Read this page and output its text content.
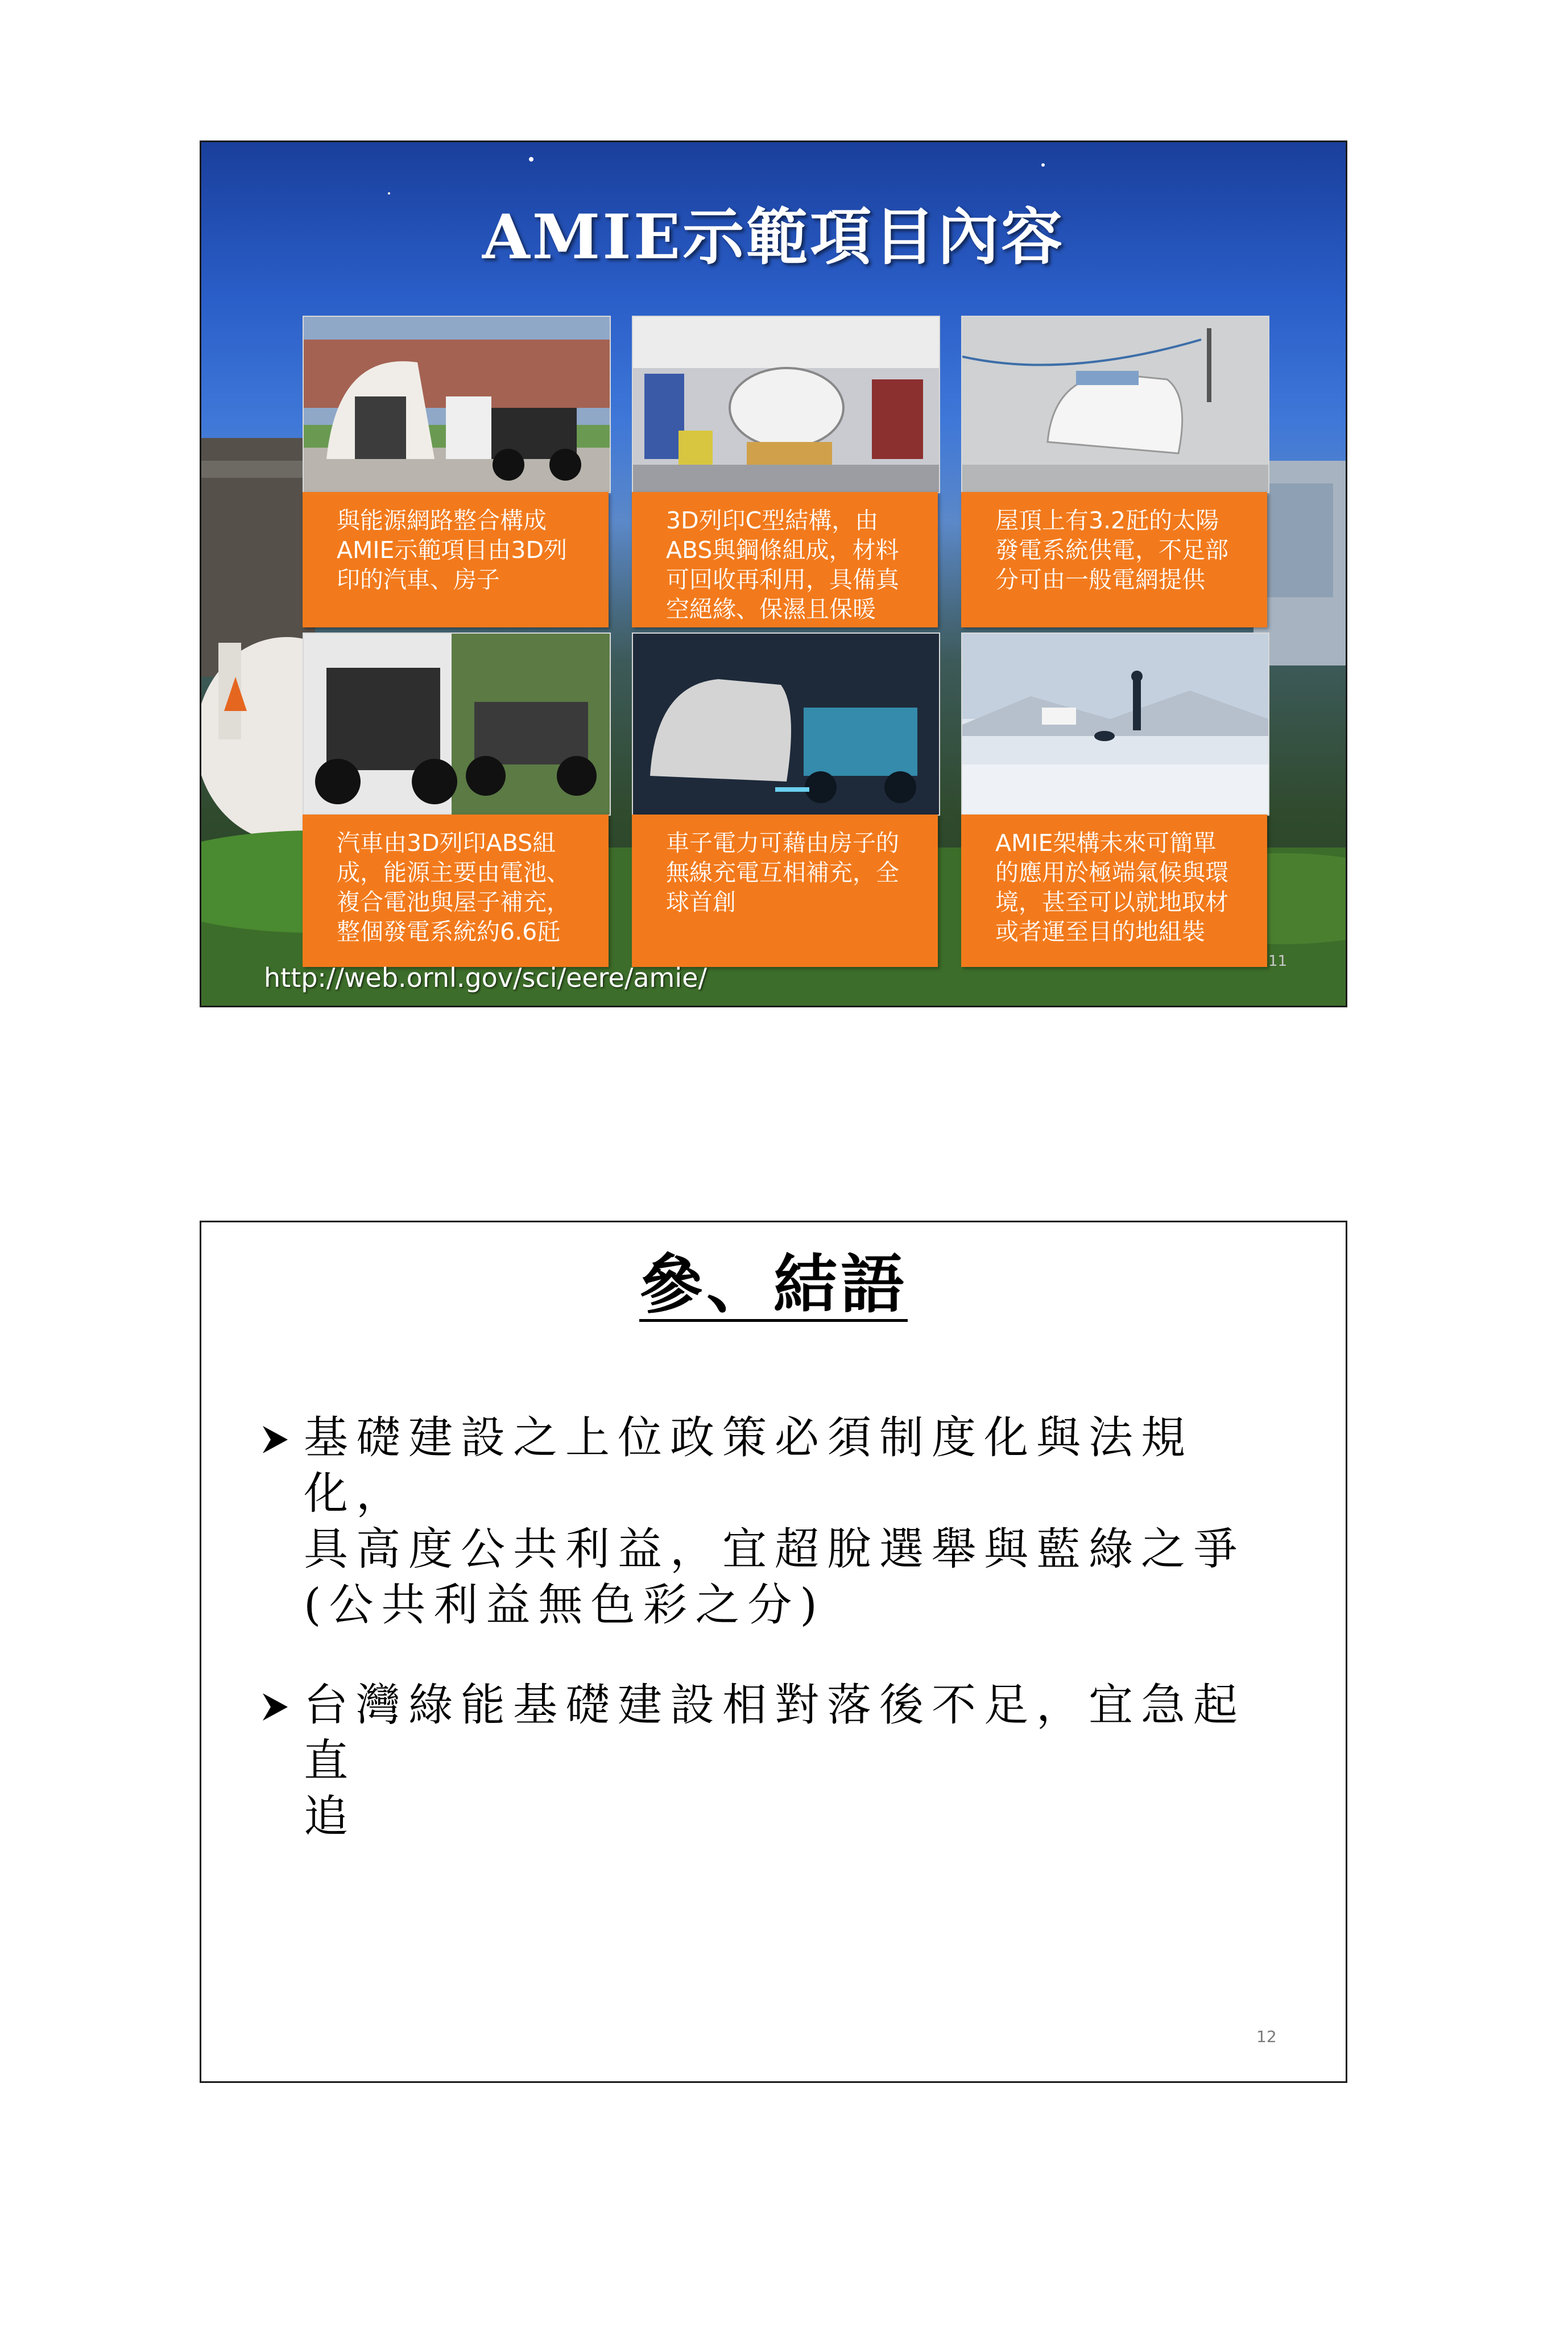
AMIE示範項目內容
與能源網路整合構成
AMIE示範項目由3D列
印的汽車、房子
3D列印C型結構，由
ABS與鋼條組成，材料
可回收再利用，具備真
空絕緣、保濕且保暖
屋頂上有3.2瓩的太陽
發電系統供電，不足部
分可由一般電網提供
汽車由3D列印ABS組
成，能源主要由電池、
複合電池與屋子補充，
整個發電系統約6.6瓩
車子電力可藉由房子的
無線充電互相補充，全
球首創
AMIE架構未來可簡單
的應用於極端氣候與環
境，甚至可以就地取材
或者運至目的地組裝
http://web.ornl.gov/sci/eere/amie/
11
參、結語
基礎建設之上位政策必須制度化與法規化，
具高度公共利益，宜超脫選舉與藍綠之爭
(公共利益無色彩之分)
台灣綠能基礎建設相對落後不足，宜急起直
追
12
